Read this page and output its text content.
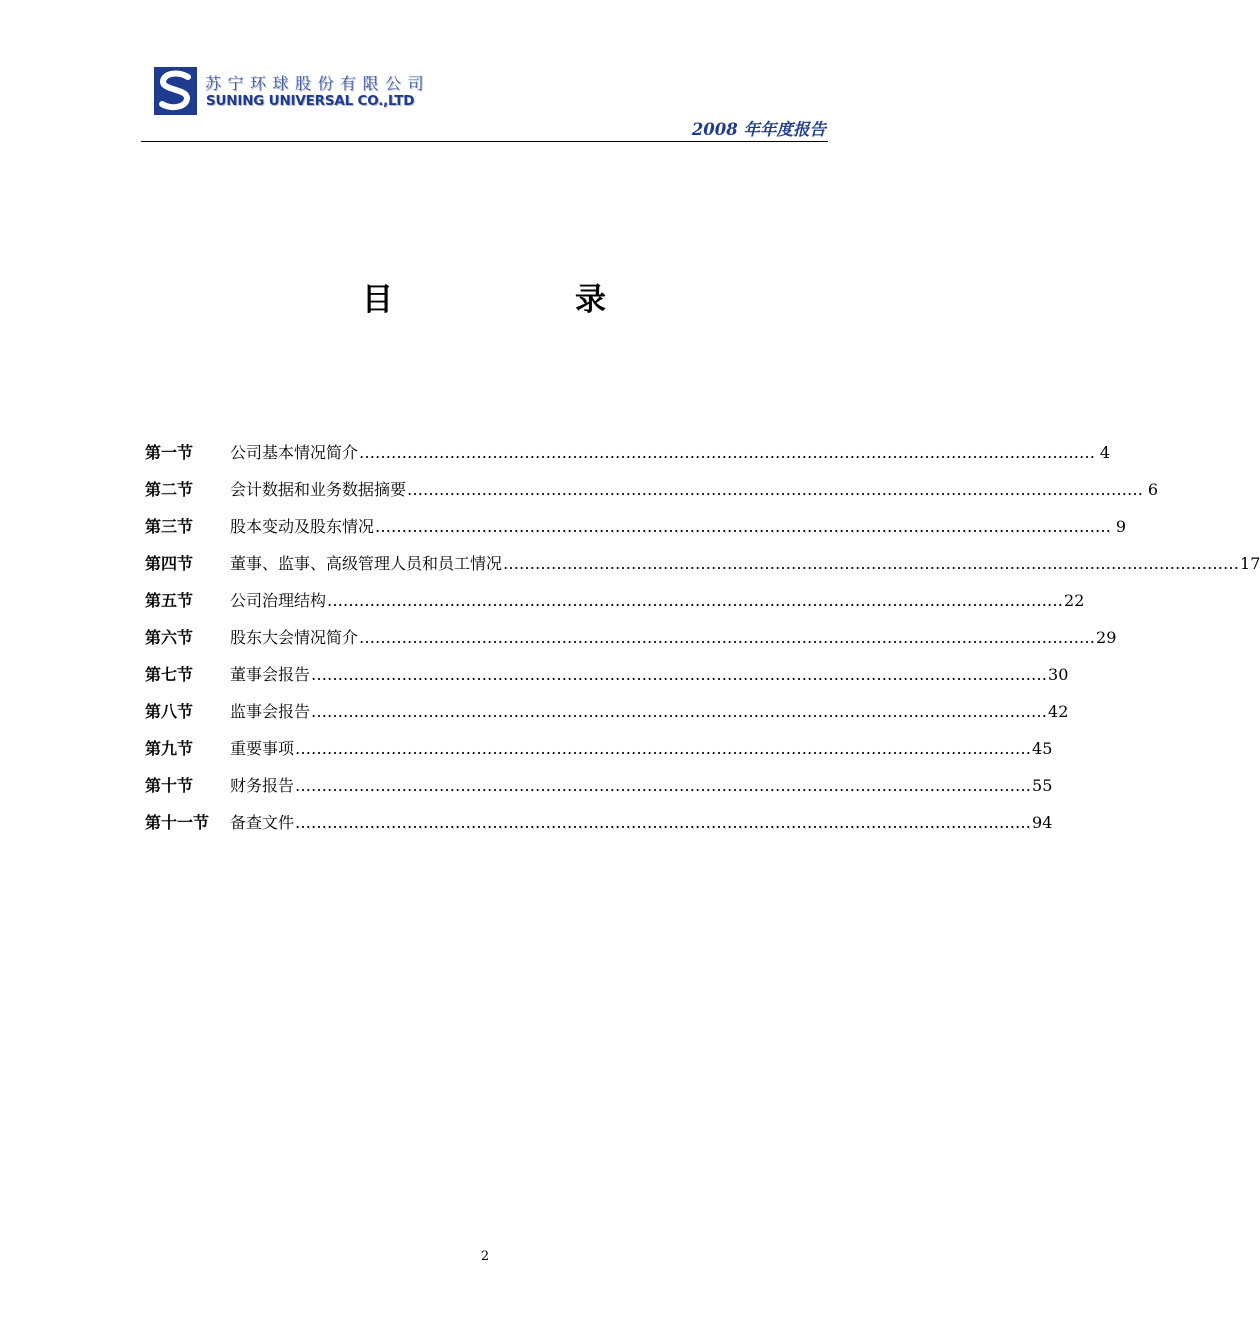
苏宁环球股份有限公司
SUNING UNIVERSAL CO.,LTD
2008 年年度报告
目	录
第一节	公司基本情况简介 ………………………………………………………………………………………………………………………… 4
第二节	会计数据和业务数据摘要 ………………………………………………………………………………………………………………………… 6
第三节	股本变动及股东情况 ………………………………………………………………………………………………………………………… 9
第四节	董事、监事、高级管理人员和员工情况 ………………………………………………………………………………………………………………………… 17
第五节	公司治理结构 ………………………………………………………………………………………………………………………… 22
第六节	股东大会情况简介 ………………………………………………………………………………………………………………………… 29
第七节	董事会报告 ………………………………………………………………………………………………………………………… 30
第八节	监事会报告 ………………………………………………………………………………………………………………………… 42
第九节	重要事项 ………………………………………………………………………………………………………………………… 45
第十节	财务报告 ………………………………………………………………………………………………………………………… 55
第十一节	备查文件 ………………………………………………………………………………………………………………………… 94
2
